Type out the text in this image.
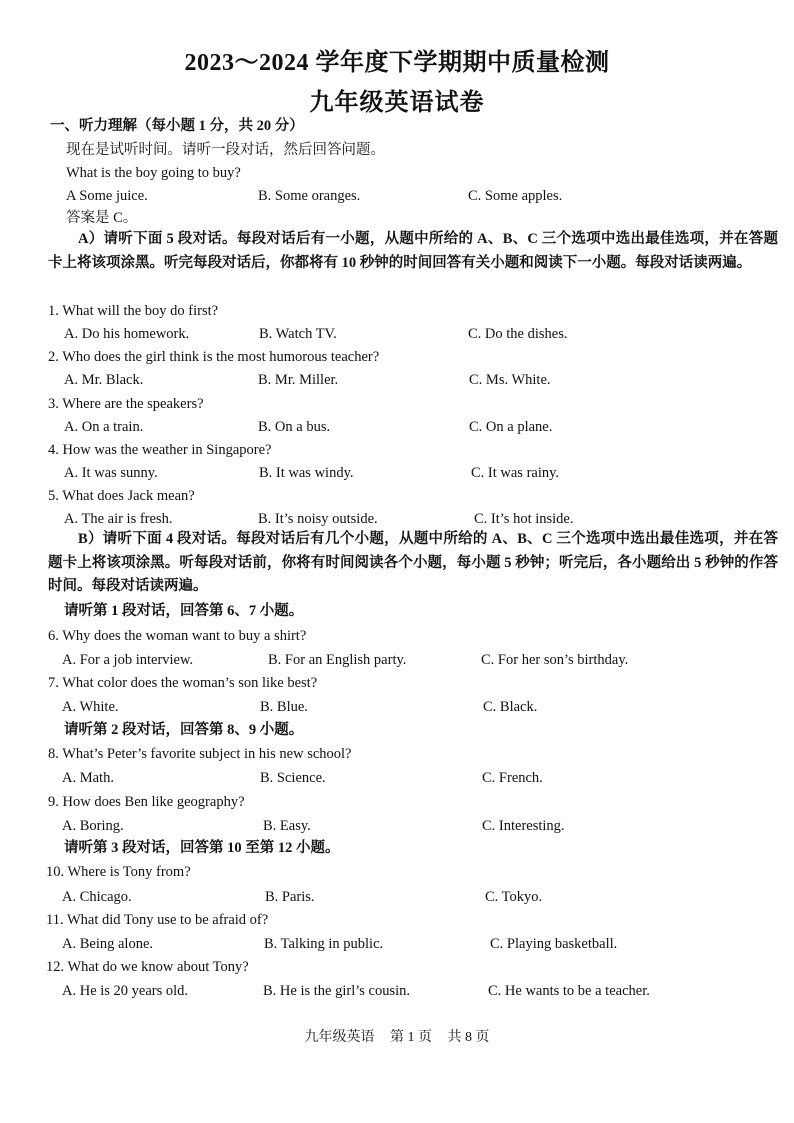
2023～2024 学年度下学期期中质量检测
九年级英语试卷
一、听力理解（每小题 1 分，共 20 分）
现在是试听时间。请听一段对话，然后回答问题。
What is the boy going to buy?
A Some juice.	B. Some oranges.	C. Some apples.
答案是 C。
A）请听下面 5 段对话。每段对话后有一小题，从题中所给的 A、B、C 三个选项中选出最佳选项，并在答题卡上将该项涂黑。听完每段对话后，你都将有 10 秒钟的时间回答有关小题和阅读下一小题。每段对话读两遍。
1. What will the boy do first?
A. Do his homework.	B. Watch TV.	C. Do the dishes.
2. Who does the girl think is the most humorous teacher?
A. Mr. Black.	B. Mr. Miller.	C. Ms. White.
3. Where are the speakers?
A. On a train.	B. On a bus.	C. On a plane.
4. How was the weather in Singapore?
A. It was sunny.	B. It was windy.	C. It was rainy.
5. What does Jack mean?
A. The air is fresh.	B. It’s noisy outside.	C. It’s hot inside.
B）请听下面 4 段对话。每段对话后有几个小题，从题中所给的 A、B、C 三个选项中选出最佳选项，并在答题卡上将该项涂黑。听每段对话前，你将有时间阅读各个小题，每小题 5 秒钟；听完后，各小题给出 5 秒钟的作答时间。每段对话读两遍。
请听第 1 段对话，回答第 6、7 小题。
6. Why does the woman want to buy a shirt?
A. For a job interview.	B. For an English party.	C. For her son’s birthday.
7. What color does the woman’s son like best?
A. White.	B. Blue.	C. Black.
请听第 2 段对话，回答第 8、9 小题。
8. What’s Peter’s favorite subject in his new school?
A. Math.	B. Science.	C. French.
9. How does Ben like geography?
A. Boring.	B. Easy.	C. Interesting.
请听第 3 段对话，回答第 10 至第 12 小题。
10. Where is Tony from?
A. Chicago.	B. Paris.	C. Tokyo.
11. What did Tony use to be afraid of?
A. Being alone.	B. Talking in public.	C. Playing basketball.
12. What do we know about Tony?
A. He is 20 years old.	B. He is the girl’s cousin.	C. He wants to be a teacher.
九年级英语 第 1 页 共 8 页
